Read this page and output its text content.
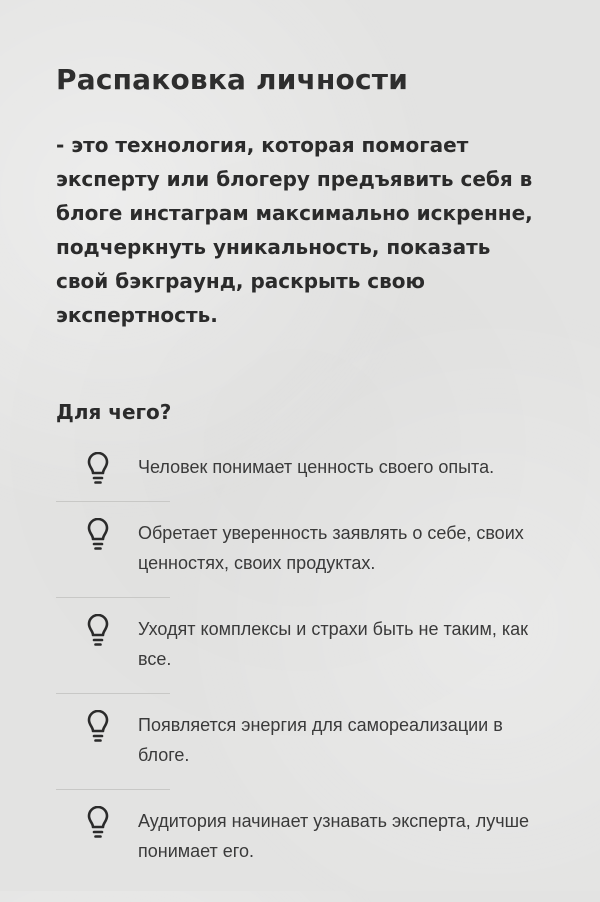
Распаковка личности

- это технология, которая помогает эксперту или блогеру предъявить себя в блоге инстаграм максимально искренне, подчеркнуть уникальность, показать свой бэкграунд, раскрыть свою экспертность.

Для чего?
Человек понимает ценность своего опыта.
Обретает уверенность заявлять о себе, своих ценностях, своих продуктах.
Уходят комплексы и страхи быть не таким, как все.
Появляется энергия для самореализации в блоге.
Аудитория начинает узнавать эксперта, лучше понимает его.
